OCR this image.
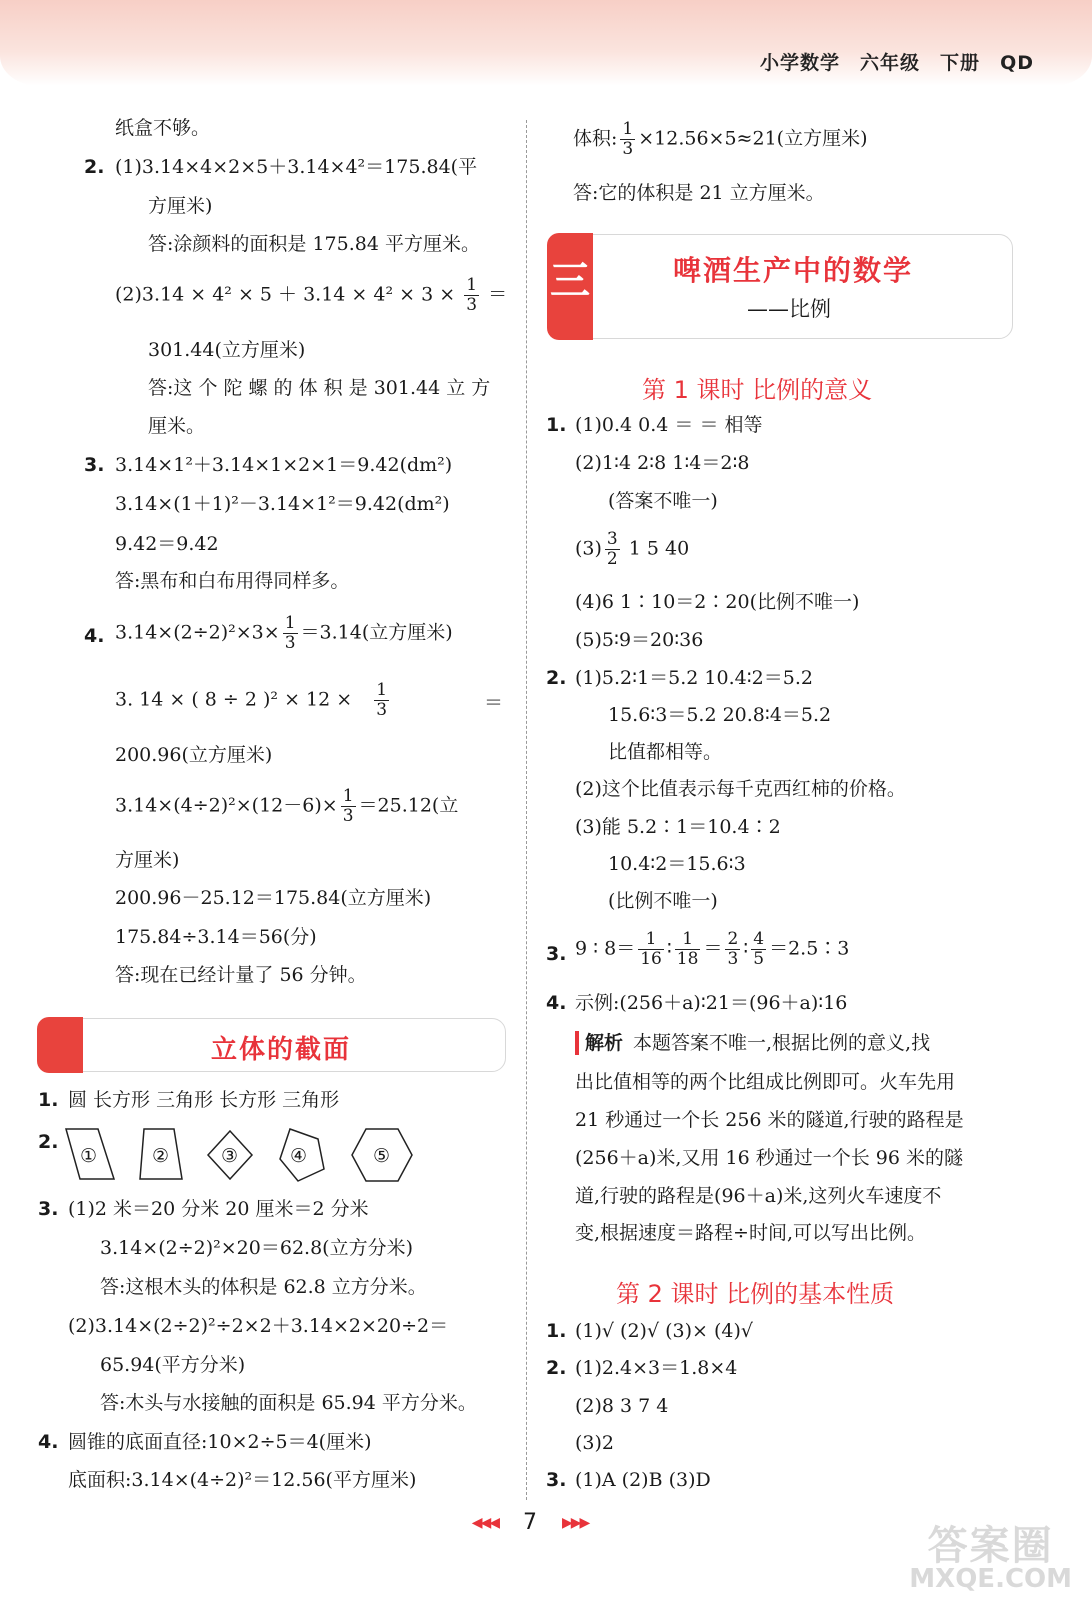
小学数学 六年级 下册 QD
纸盒不够。
2. (1)3.14×4×2×5＋3.14×4²＝175.84(平
方厘米)
答:涂颜料的面积是 175.84 平方厘米。
$(2)3.14 \times 4^2 \times 5 + 3.14 \times 4^2 \times 3 \times \frac{1}{3}$ ＝
301.44(立方厘米)
答:这 个 陀 螺 的 体 积 是 301.44 立 方
厘米。
3. 3.14×1²＋3.14×1×2×1＝9.42(dm²)
3.14×(1＋1)²－3.14×1²＝9.42(dm²)
9.42＝9.42
答:黑布和白布用得同样多。
4. $3.14\times(2\div 2)^2\times 3\times \frac{1}{3} =3.14$(立方厘米)
3. 14 × ( 8 ÷ 2 )$^2 \times 12 \times \frac{1}{3}$	＝
200.96(立方厘米)
$3.14\times(4\div 2)^2\times(12-6)\times \frac{1}{3} =25.12$(立
方厘米)
200.96－25.12＝175.84(立方厘米)
175.84÷3.14＝56(分)
答:现在已经计量了 56 分钟。
立体的截面
1. 圆 长方形 三角形 长方形 三角形
2.
①	②	③	④	⑤
3. (1)2 米＝20 分米 20 厘米＝2 分米
3.14×(2÷2)²×20＝62.8(立方分米)
答:这根木头的体积是 62.8 立方分米。
(2)3.14×(2÷2)²÷2×2＋3.14×2×20÷2＝
65.94(平方分米)
答:木头与水接触的面积是 65.94 平方分米。
4. 圆锥的底面直径:10×2÷5＝4(厘米)
底面积:3.14×(4÷2)²＝12.56(平方厘米)
体积: $\frac{1}{3} \times 12.56\times 5\approx 21$(立方厘米)
答:它的体积是 21 立方厘米。
三	啤酒生产中的数学
——比例
第 1 课时 比例的意义
1. (1)0.4 0.4 ＝ ＝ 相等
(2)1∶4 2∶8 1∶4＝2∶8
(答案不唯一)
$(3) \frac{3}{2} 1$ 5 40
(4)6 1∶10＝2∶20(比例不唯一)
(5)5∶9＝20∶36
2. (1)5.2∶1＝5.2 10.4∶2＝5.2
15.6∶3＝5.2 20.8∶4＝5.2
比值都相等。
(2)这个比值表示每千克西红柿的价格。
(3)能 5.2∶1＝10.4∶2
10.4∶2＝15.6∶3
(比例不唯一)
3. 9 ∶ $8= \frac{1}{16}$ ∶ $\frac{1}{18} = \frac{2}{3}$ ∶ $\frac{4}{5}$ ＝2.5∶3
4. 示例:(256＋a)∶21＝(96＋a)∶16
解析 本题答案不唯一,根据比例的意义,找
出比值相等的两个比组成比例即可。火车先用
21 秒通过一个长 256 米的隧道,行驶的路程是
(256＋a)米,又用 16 秒通过一个长 96 米的隧
道,行驶的路程是(96＋a)米,这列火车速度不
变,根据速度＝路程÷时间,可以写出比例。
第 2 课时 比例的基本性质
1. (1)√ (2)√ (3)× (4)√
2. (1)2.4×3＝1.8×4
(2)8 3 7 4
(3)2
3. (1)A (2)B (3)D
◀◀◀ 7 ▶▶▶	答案圈
MXQE.COM
